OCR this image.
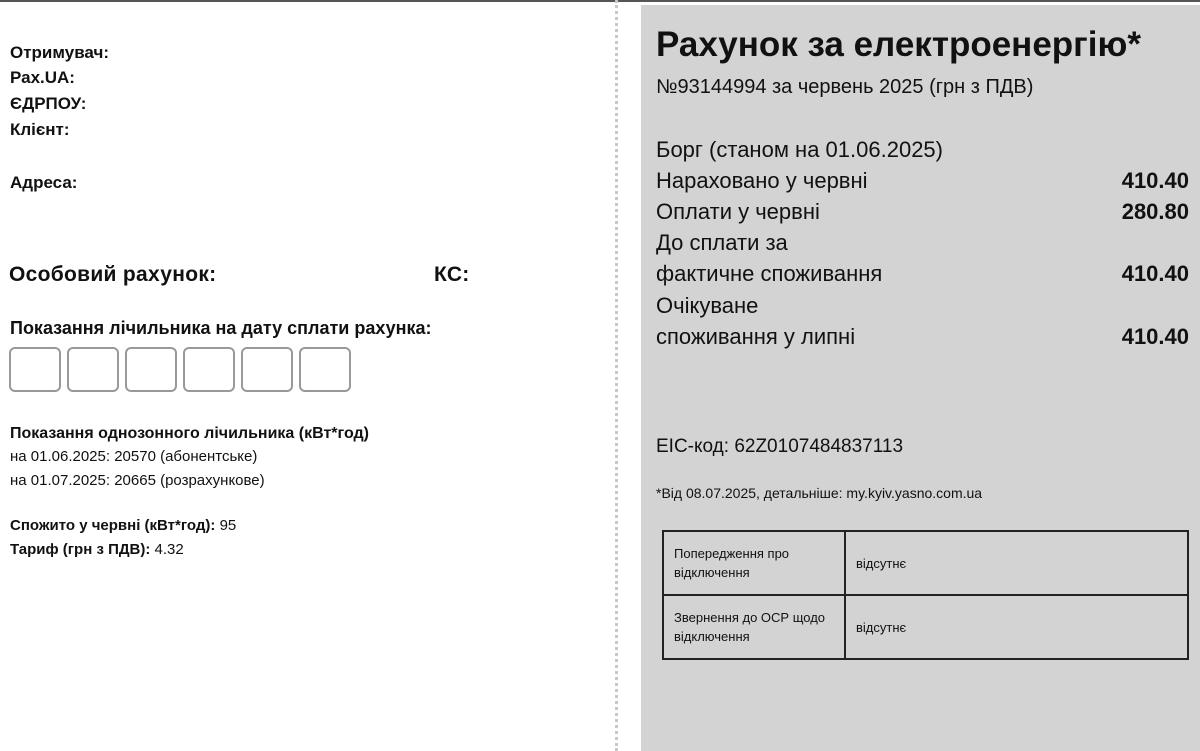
Отримувач:
Рах.UA:
ЄДРПОУ:
Клієнт:
Адреса:
Особовий рахунок:	КС:
Показання лічильника на дату сплати рахунка:
Показання однозонного лічильника (кВт*год)
на 01.06.2025: 20570 (абонентське)
на 01.07.2025: 20665 (розрахункове)
Спожито у червні (кВт*год): 95
Тариф (грн з ПДВ): 4.32
Рахунок за електроенергію*
№93144994 за червень 2025 (грн з ПДВ)
Борг (станом на 01.06.2025)
Нараховано у червні	410.40
Оплати у червні	280.80
До сплати за
фактичне споживання	410.40
Очікуване
споживання у липні	410.40
EIC-код: 62Z0107484837113
*Від 08.07.2025, детальніше: my.kyiv.yasno.com.ua
Попередження про відключення	відсутнє
Звернення до ОСР щодо відключення	відсутнє
